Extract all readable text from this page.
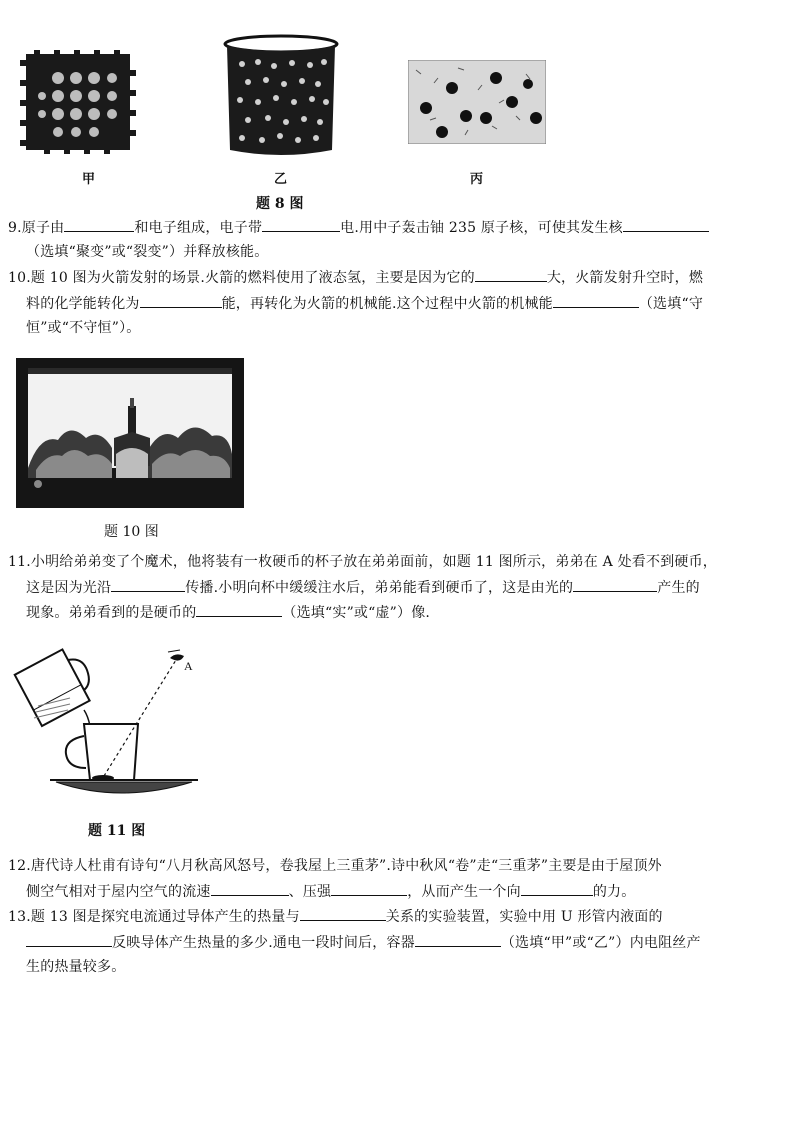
甲	乙	丙
题 8 图
9.原子由	和电子组成，电子带	电.用中子轰击铀 235 原子核，可使其发生核
（选填“聚变”或“裂变”）并释放核能。
10.题 10 图为火箭发射的场景.火箭的燃料使用了液态氢，主要是因为它的	大，火箭发射升空时，燃
料的化学能转化为	能，再转化为火箭的机械能.这个过程中火箭的机械能	（选填“守
恒”或“不守恒”）。
题 10 图
11.小明给弟弟变了个魔术，他将装有一枚硬币的杯子放在弟弟面前，如题 11 图所示，弟弟在 A 处看不到硬币，
这是因为光沿	传播.小明向杯中缓缓注水后，弟弟能看到硬币了，这是由光的	产生的
现象。弟弟看到的是硬币的	（选填“实”或“虚”）像.
A
题 11 图
12.唐代诗人杜甫有诗句“八月秋高风怒号，卷我屋上三重茅”.诗中秋风“卷”走“三重茅”主要是由于屋顶外
侧空气相对于屋内空气的流速	、压强	，从而产生一个向	的力。
13.题 13 图是探究电流通过导体产生的热量与	关系的实验装置，实验中用 U 形管内液面的
反映导体产生热量的多少.通电一段时间后，容器	（选填“甲”或“乙”）内电阻丝产
生的热量较多。
